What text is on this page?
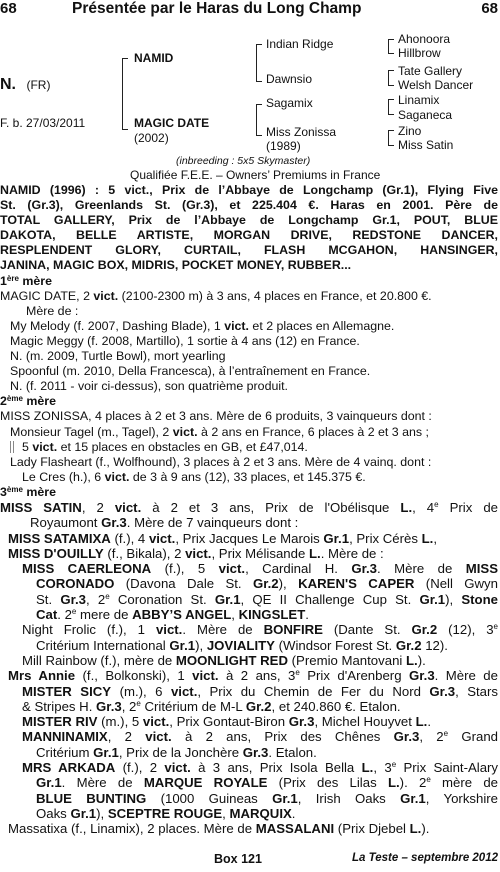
68	Présentée par le Haras du Long Champ	68
N. (FR)
F. b. 27/03/2011
NAMID
MAGIC DATE
(2002)
Indian Ridge
Dawnsio
Sagamix
Miss Zonissa
(1989)
Ahonoora
Hillbrow
Tate Gallery
Welsh Dancer
Linamix
Saganeca
Zino
Miss Satin
(inbreeding : 5x5 Skymaster)
Qualifiée F.E.E. – Owners’ Premiums in France
NAMID (1996) : 5 vict., Prix de l’Abbaye de Longchamp (Gr.1), Flying Five
St. (Gr.3), Greenlands St. (Gr.3), et 225.404 €. Haras en 2001. Père de
TOTAL GALLERY, Prix de l’Abbaye de Longchamp Gr.1, POUT, BLUE
DAKOTA, BELLE ARTISTE, MORGAN DRIVE, REDSTONE DANCER,
RESPLENDENT GLORY, CURTAIL, FLASH MCGAHON, HANSINGER,
JANINA, MAGIC BOX, MIDRIS, POCKET MONEY, RUBBER...
1ère mère
MAGIC DATE, 2 vict. (2100-2300 m) à 3 ans, 4 places en France, et 20.800 €.
Mère de :
My Melody (f. 2007, Dashing Blade), 1 vict. et 2 places en Allemagne.
Magic Meggy (f. 2008, Martillo), 1 sortie à 4 ans (12) en France.
N. (m. 2009, Turtle Bowl), mort yearling
Spoonful (m. 2010, Della Francesca), à l’entraînement en France.
N. (f. 2011 - voir ci-dessus), son quatrième produit.
2ème mère
MISS ZONISSA, 4 places à 2 et 3 ans. Mère de 6 produits, 3 vainqueurs dont :
Monsieur Tagel (m., Tagel), 2 vict. à 2 ans en France, 6 places à 2 et 3 ans ;
5 vict. et 15 places en obstacles en GB, et £47,014.
Lady Flasheart (f., Wolfhound), 3 places à 2 et 3 ans. Mère de 4 vainq. dont :
Le Cres (h.), 6 vict. de 3 à 9 ans (12), 33 places, et 145.375 €.
3ème mère
MISS SATIN, 2 vict. à 2 et 3 ans, Prix de l'Obélisque L., 4e Prix de
Royaumont Gr.3. Mère de 7 vainqueurs dont :
MISS SATAMIXA (f.), 4 vict., Prix Jacques Le Marois Gr.1, Prix Cérès L.,
MISS D'OUILLY (f., Bikala), 2 vict., Prix Mélisande L.. Mère de :
MISS CAERLEONA (f.), 5 vict., Cardinal H. Gr.3. Mère de MISS
CORONADO (Davona Dale St. Gr.2), KAREN'S CAPER (Nell Gwyn
St. Gr.3, 2e Coronation St. Gr.1, QE II Challenge Cup St. Gr.1), Stone
Cat. 2e mere de ABBY’S ANGEL, KINGSLET.
Night Frolic (f.), 1 vict.. Mère de BONFIRE (Dante St. Gr.2 (12), 3e
Critérium International Gr.1), JOVIALITY (Windsor Forest St. Gr.2 12).
Mill Rainbow (f.), mère de MOONLIGHT RED (Premio Mantovani L.).
Mrs Annie (f., Bolkonski), 1 vict. à 2 ans, 3e Prix d'Arenberg Gr.3. Mère de
MISTER SICY (m.), 6 vict., Prix du Chemin de Fer du Nord Gr.3, Stars
& Stripes H. Gr.3, 2e Critérium de M-L Gr.2, et 240.860 €. Etalon.
MISTER RIV (m.), 5 vict., Prix Gontaut-Biron Gr.3, Michel Houyvet L..
MANNINAMIX, 2 vict. à 2 ans, Prix des Chênes Gr.3, 2e Grand
Critérium Gr.1, Prix de la Jonchère Gr.3. Etalon.
MRS ARKADA (f.), 2 vict. à 3 ans, Prix Isola Bella L., 3e Prix Saint-Alary
Gr.1. Mère de MARQUE ROYALE (Prix des Lilas L.). 2e mère de
BLUE BUNTING (1000 Guineas Gr.1, Irish Oaks Gr.1, Yorkshire
Oaks Gr.1), SCEPTRE ROUGE, MARQUIX.
Massatixa (f., Linamix), 2 places. Mère de MASSALANI (Prix Djebel L.).
Box 121	La Teste – septembre 2012
